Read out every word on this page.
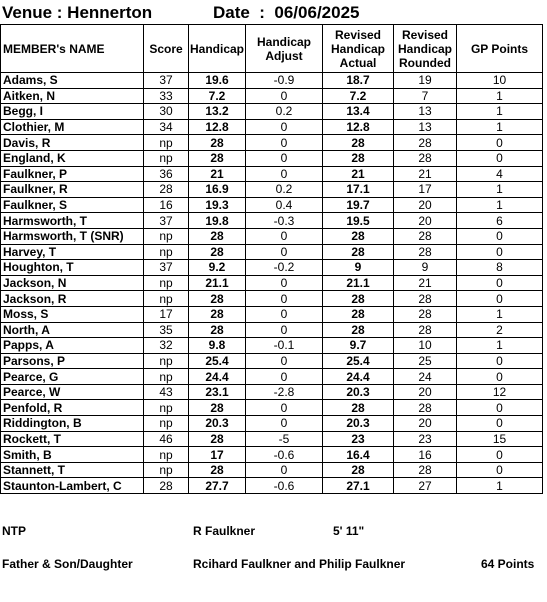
Venue : Hennerton	Date  :  06/06/2025
MEMBER's NAME	Score	Handicap	Handicap Adjust	Revised Handicap Actual	Revised Handicap Rounded	GP Points
Adams, S	37	19.6	-0.9	18.7	19	10
Aitken, N	33	7.2	0	7.2	7	1
Begg, I	30	13.2	0.2	13.4	13	1
Clothier, M	34	12.8	0	12.8	13	1
Davis, R	np	28	0	28	28	0
England, K	np	28	0	28	28	0
Faulkner, P	36	21	0	21	21	4
Faulkner, R	28	16.9	0.2	17.1	17	1
Faulkner, S	16	19.3	0.4	19.7	20	1
Harmsworth, T	37	19.8	-0.3	19.5	20	6
Harmsworth, T (SNR)	np	28	0	28	28	0
Harvey, T	np	28	0	28	28	0
Houghton, T	37	9.2	-0.2	9	9	8
Jackson, N	np	21.1	0	21.1	21	0
Jackson, R	np	28	0	28	28	0
Moss, S	17	28	0	28	28	1
North, A	35	28	0	28	28	2
Papps, A	32	9.8	-0.1	9.7	10	1
Parsons, P	np	25.4	0	25.4	25	0
Pearce, G	np	24.4	0	24.4	24	0
Pearce, W	43	23.1	-2.8	20.3	20	12
Penfold, R	np	28	0	28	28	0
Riddington, B	np	20.3	0	20.3	20	0
Rockett, T	46	28	-5	23	23	15
Smith, B	np	17	-0.6	16.4	16	0
Stannett, T	np	28	0	28	28	0
Staunton-Lambert, C	28	27.7	-0.6	27.1	27	1
NTP	R Faulkner	5' 11"
Father & Son/Daughter	Rcihard Faulkner and Philip Faulkner	64 Points
